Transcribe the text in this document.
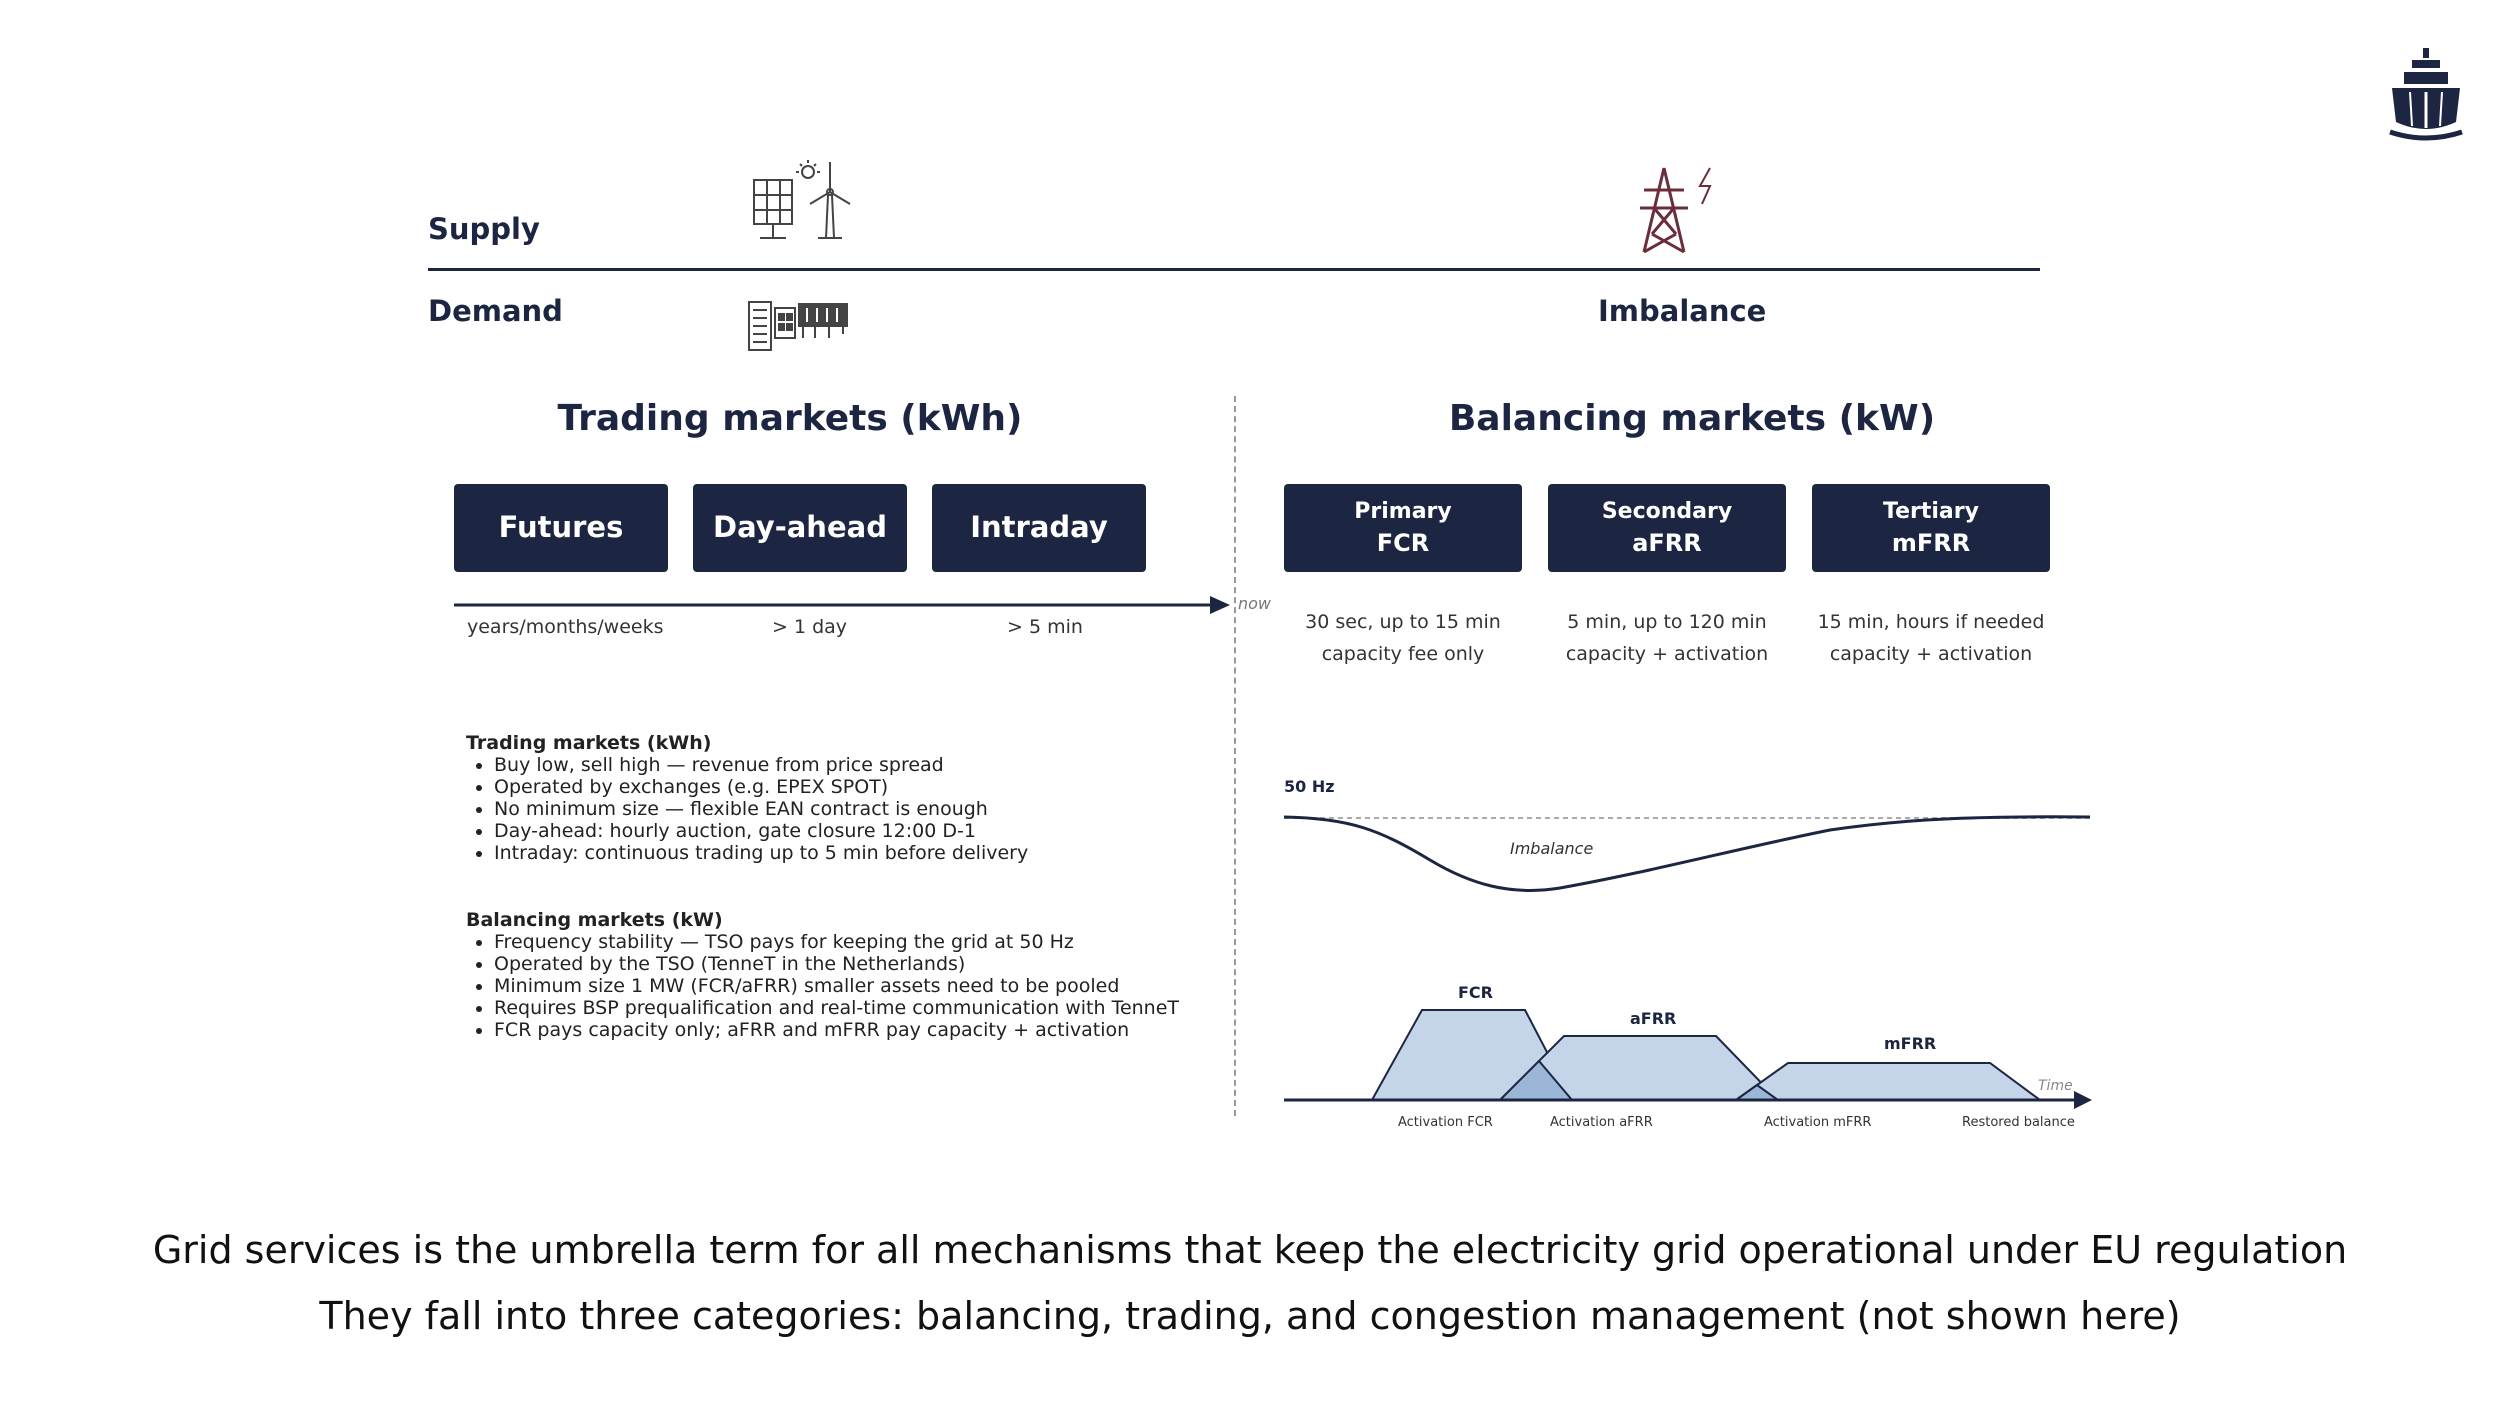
Supply
Demand	Imbalance
Trading markets (kWh)	Balancing markets (kW)
Futures	Day-ahead	Intraday	Primary
FCR
Secondary
aFRR
Tertiary
mFRR
now
years/months/weeks	> 1 day	> 5 min	30 sec, up to 15 min
capacity fee only
5 min, up to 120 min
capacity + activation
15 min, hours if needed
capacity + activation
Trading markets (kWh)
• Buy low, sell high — revenue from price spread
• Operated by exchanges (e.g. EPEX SPOT)
• No minimum size — flexible EAN contract is enough
• Day-ahead: hourly auction, gate closure 12:00 D-1
• Intraday: continuous trading up to 5 min before delivery
Balancing markets (kW)
• Frequency stability — TSO pays for keeping the grid at 50 Hz
• Operated by the TSO (TenneT in the Netherlands)
• Minimum size 1 MW (FCR/aFRR) smaller assets need to be pooled
• Requires BSP prequalification and real-time communication with TenneT
• FCR pays capacity only; aFRR and mFRR pay capacity + activation
50 Hz
Imbalance
FCR
aFRR
mFRR
Time
Activation FCR	Activation aFRR	Activation mFRR	Restored balance
Grid services is the umbrella term for all mechanisms that keep the electricity grid operational under EU regulation
They fall into three categories: balancing, trading, and congestion management (not shown here)
